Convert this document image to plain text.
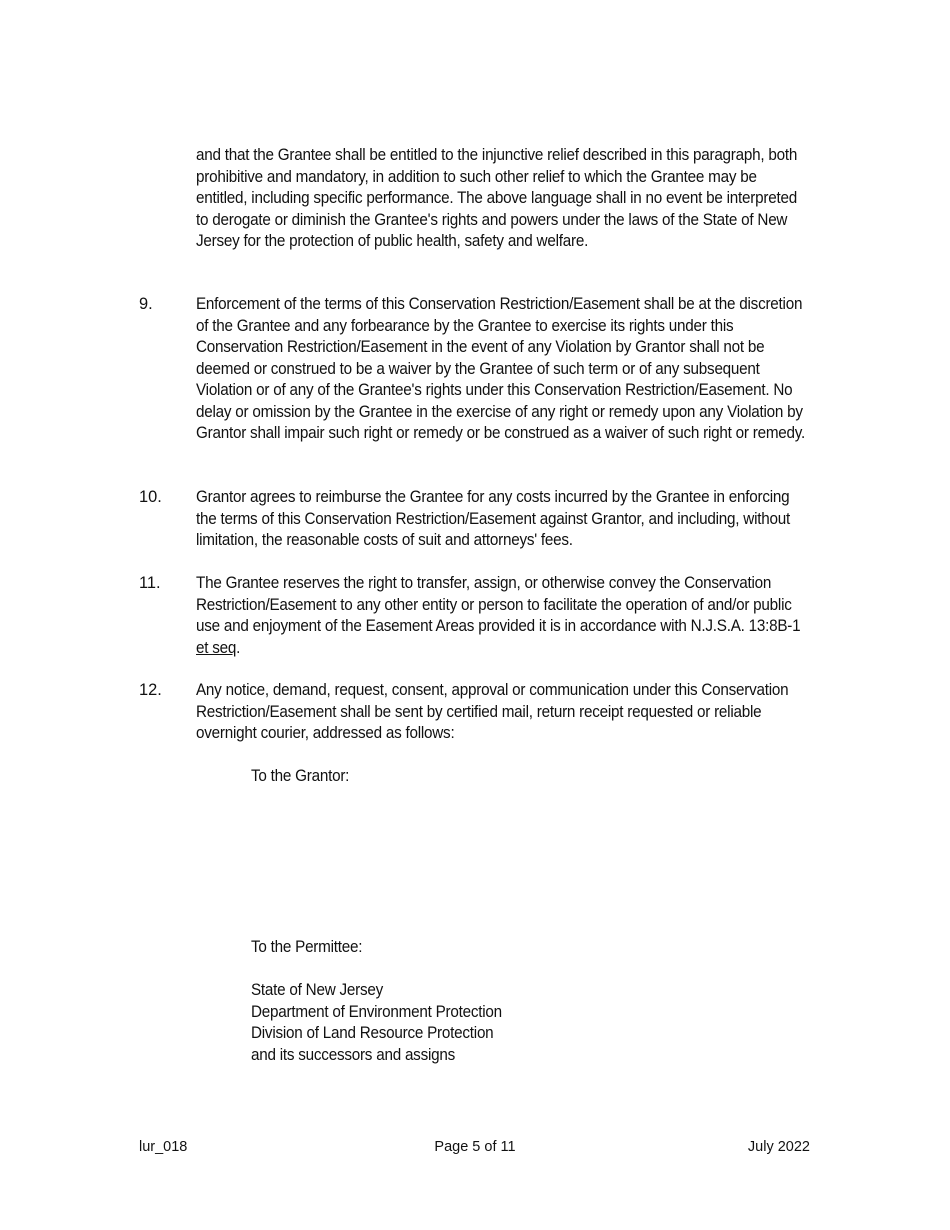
and that the Grantee shall be entitled to the injunctive relief described in this paragraph, both prohibitive and mandatory, in addition to such other relief to which the Grantee may be entitled, including specific performance. The above language shall in no event be interpreted to derogate or diminish the Grantee's rights and powers under the laws of the State of New Jersey for the protection of public health, safety and welfare.
9.	Enforcement of the terms of this Conservation Restriction/Easement shall be at the discretion of the Grantee and any forbearance by the Grantee to exercise its rights under this Conservation Restriction/Easement in the event of any Violation by Grantor shall not be deemed or construed to be a waiver by the Grantee of such term or of any subsequent Violation or of any of the Grantee's rights under this Conservation Restriction/Easement. No delay or omission by the Grantee in the exercise of any right or remedy upon any Violation by Grantor shall impair such right or remedy or be construed as a waiver of such right or remedy.
10. Grantor agrees to reimburse the Grantee for any costs incurred by the Grantee in enforcing the terms of this Conservation Restriction/Easement against Grantor, and including, without limitation, the reasonable costs of suit and attorneys' fees.
11. The Grantee reserves the right to transfer, assign, or otherwise convey the Conservation Restriction/Easement to any other entity or person to facilitate the operation of and/or public use and enjoyment of the Easement Areas provided it is in accordance with N.J.S.A. 13:8B-1 et seq.
12. Any notice, demand, request, consent, approval or communication under this Conservation Restriction/Easement shall be sent by certified mail, return receipt requested or reliable overnight courier, addressed as follows:
To the Grantor:
To the Permittee:
State of New Jersey
Department of Environment Protection
Division of Land Resource Protection
and its successors and assigns
lur_018	Page 5 of 11	July 2022
